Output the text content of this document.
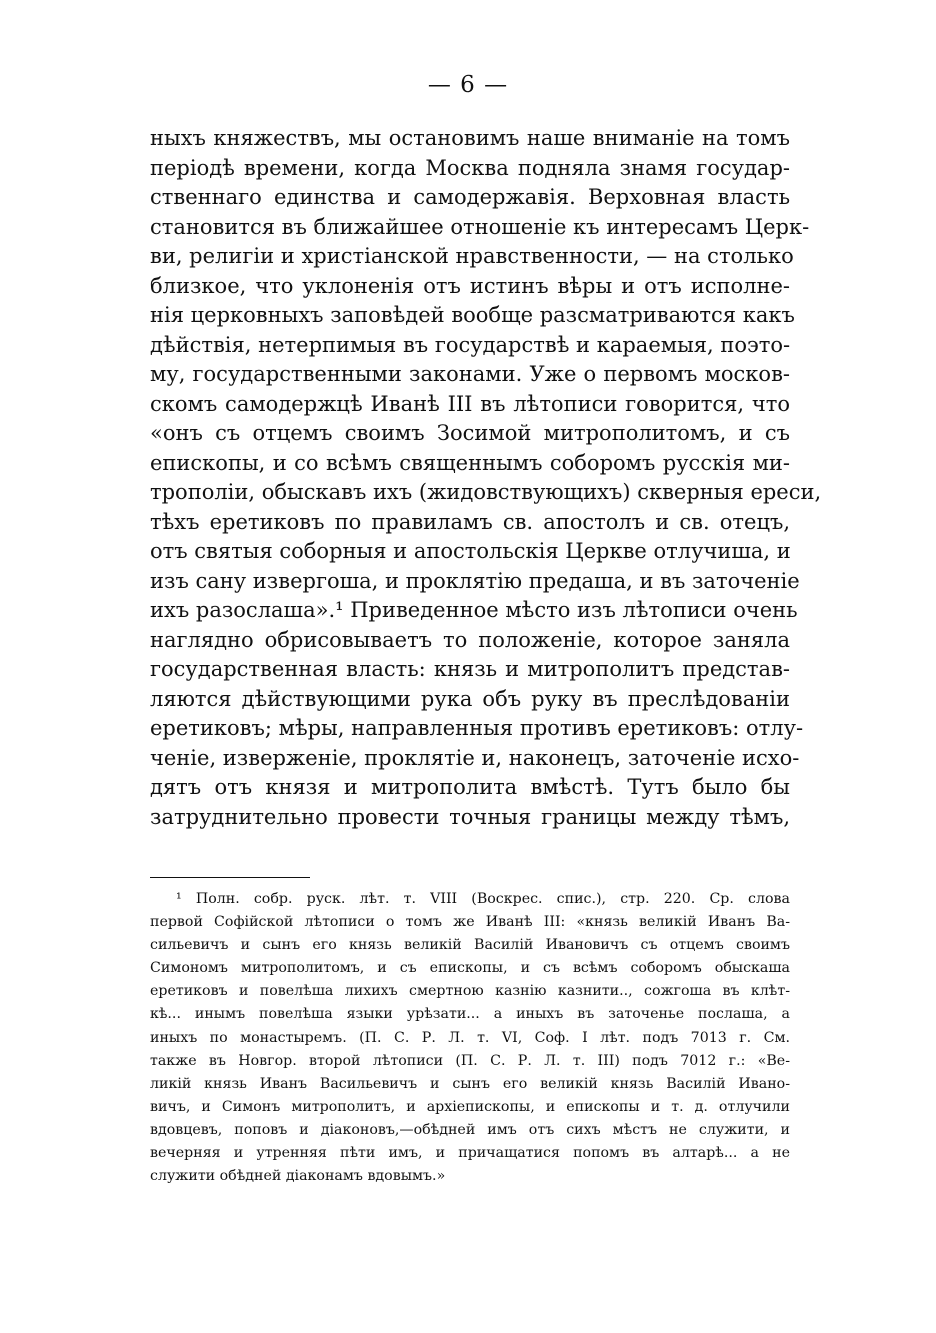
— 6 —
ныхъ княжествъ, мы остановимъ наше вниманіе на томъ
періодѣ времени, когда Москва подняла знамя государ-
ственнаго единства и самодержавія. Верховная власть
становится въ ближайшее отношеніе къ интересамъ Церк-
ви, религіи и христіанской нравственности, — на столько
близкое, что уклоненія отъ истинъ вѣры и отъ исполне-
нія церковныхъ заповѣдей вообще разсматриваются какъ
дѣйствія, нетерпимыя въ государствѣ и караемыя, поэто-
му, государственными законами. Уже о первомъ москов-
скомъ самодержцѣ Иванѣ III въ лѣтописи говорится, что
«онъ съ отцемъ своимъ Зосимой митрополитомъ, и съ
епископы, и со всѣмъ священнымъ соборомъ русскія ми-
трополіи, обыскавъ ихъ (жидовствующихъ) скверныя ереси,
тѣхъ еретиковъ по правиламъ св. апостолъ и св. отецъ,
отъ святыя соборныя и апостольскія Церкве отлучиша, и
изъ сану извергоша, и проклятію предаша, и въ заточеніе
ихъ разослаша».¹ Приведенное мѣсто изъ лѣтописи очень
наглядно обрисовываетъ то положеніе, которое заняла
государственная власть: князь и митрополитъ представ-
ляются дѣйствующими рука объ руку въ преслѣдованіи
еретиковъ; мѣры, направленныя противъ еретиковъ: отлу-
ченіе, изверженіе, проклятіе и, наконецъ, заточеніе исхо-
дятъ отъ князя и митрополита вмѣстѣ. Тутъ было бы
затруднительно провести точныя границы между тѣмъ,
¹ Полн. собр. руск. лѣт. т. VIII (Воскрес. спис.), стр. 220. Ср. слова
первой Софійской лѣтописи о томъ же Иванѣ III: «князь великій Иванъ Ва-
сильевичъ и сынъ его князь великій Василій Ивановичъ съ отцемъ своимъ
Симономъ митрополитомъ, и съ епископы, и съ всѣмъ соборомъ обыскаша
еретиковъ и повелѣша лихихъ смертною казнію казнити.., сожгоша въ клѣт-
кѣ... инымъ повелѣша языки урѣзати... а иныхъ въ заточенье послаша, а
иныхъ по монастыремъ. (П. С. Р. Л. т. VI, Соф. I лѣт. подъ 7013 г. См.
также въ Новгор. второй лѣтописи (П. С. Р. Л. т. III) подъ 7012 г.: «Ве-
ликій князь Иванъ Васильевичъ и сынъ его великій князь Василій Ивано-
вичъ, и Симонъ митрополитъ, и архіепископы, и епископы и т. д. отлучили
вдовцевъ, поповъ и діаконовъ,—обѣдней имъ отъ сихъ мѣстъ не служити, и
вечерняя и утренняя пѣти имъ, и причащатися попомъ въ алтарѣ... а не
служити обѣдней діаконамъ вдовымъ.»
